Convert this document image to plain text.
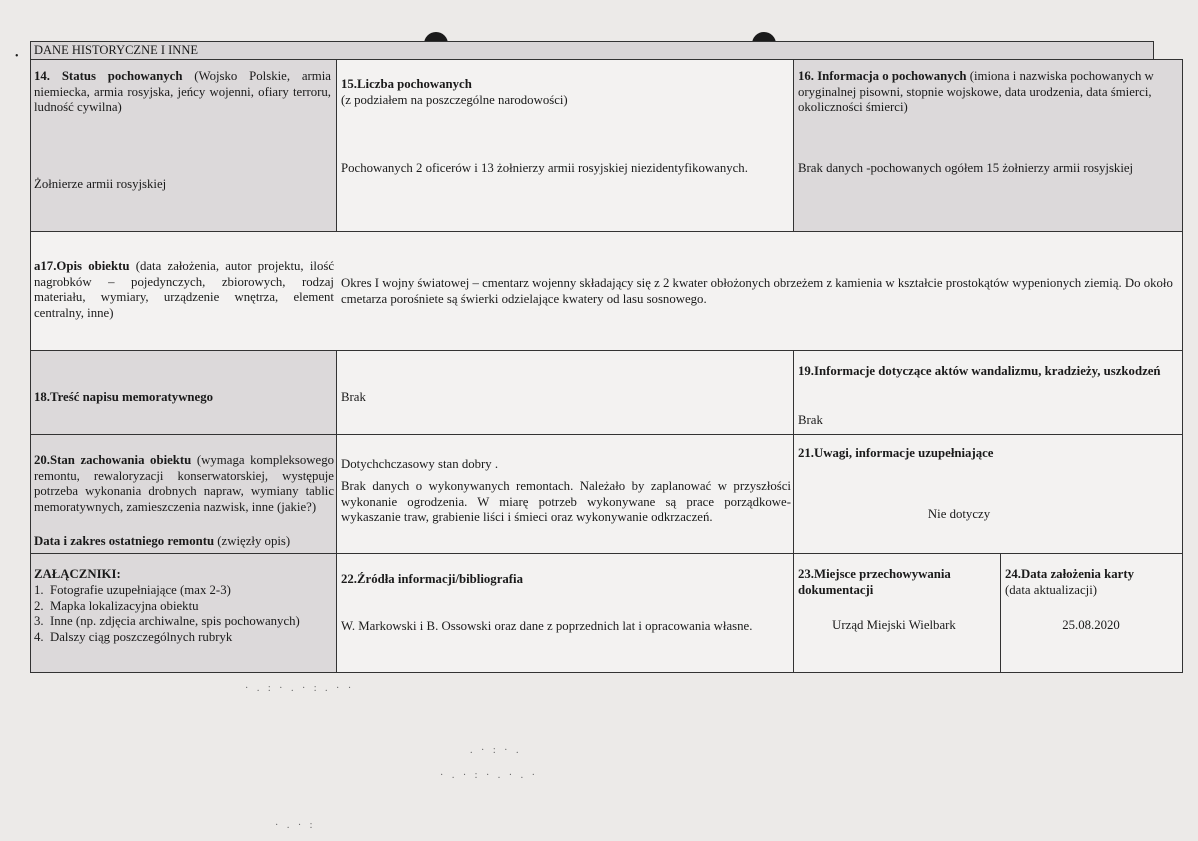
•	DANE HISTORYCZNE I INNE
14. Status pochowanych (Wojsko Polskie, armia niemiecka, armia rosyjska, jeńcy wojenni, ofiary terroru, ludność cywilna)
Żołnierze armii rosyjskiej
15.Liczba pochowanych
(z podziałem na poszczególne narodowości)
Pochowanych 2 oficerów i 13 żołnierzy armii rosyjskiej niezidentyfikowanych.
16. Informacja o pochowanych (imiona i nazwiska pochowanych w oryginalnej pisowni, stopnie wojskowe, data urodzenia, data śmierci, okoliczności śmierci)
Brak danych -pochowanych ogółem 15 żołnierzy armii rosyjskiej
a17.Opis obiektu (data założenia, autor projektu, ilość nagrobków – pojedynczych, zbiorowych, rodzaj materiału, wymiary, urządzenie wnętrza, element centralny, inne)
Okres I wojny światowej – cmentarz wojenny składający się z 2 kwater obłożonych obrzeżem z kamienia w kształcie prostokątów wypenionych ziemią. Do około cmetarza porośniete są świerki odzielające kwatery od lasu sosnowego.
18.Treść napisu memoratywnego	Brak
19.Informacje dotyczące aktów wandalizmu, kradzieży, uszkodzeń
Brak
20.Stan zachowania obiektu (wymaga kompleksowego remontu, rewaloryzacji konserwatorskiej, występuje potrzeba wykonania drobnych napraw, wymiany tablic memoratywnych, zamieszczenia nazwisk, inne (jakie?)
Data i zakres ostatniego remontu (zwięzły opis)
Dotychchczasowy stan dobry .
Brak danych o wykonywanych remontach. Należało by zaplanować w przyszłości wykonanie ogrodzenia. W miarę potrzeb wykonywane są prace porządkowe- wykaszanie traw, grabienie liści i śmieci oraz wykonywanie odkrzaczeń.
21.Uwagi, informacje uzupełniające
Nie dotyczy
ZAŁĄCZNIKI:
1. Fotografie uzupełniające (max 2-3)
2. Mapka lokalizacyjna obiektu
3. Inne (np. zdjęcia archiwalne, spis pochowanych)
4. Dalszy ciąg poszczególnych rubryk
22.Źródła informacji/bibliografia
W. Markowski i B. Ossowski oraz dane z poprzednich lat i opracowania własne.
23.Miejsce przechowywania dokumentacji
Urząd Miejski Wielbark
24.Data założenia karty
(data aktualizacji)
25.08.2020
· . : · . · : . · ·
. · : · .
· . · : · . · . ·
· . · :
